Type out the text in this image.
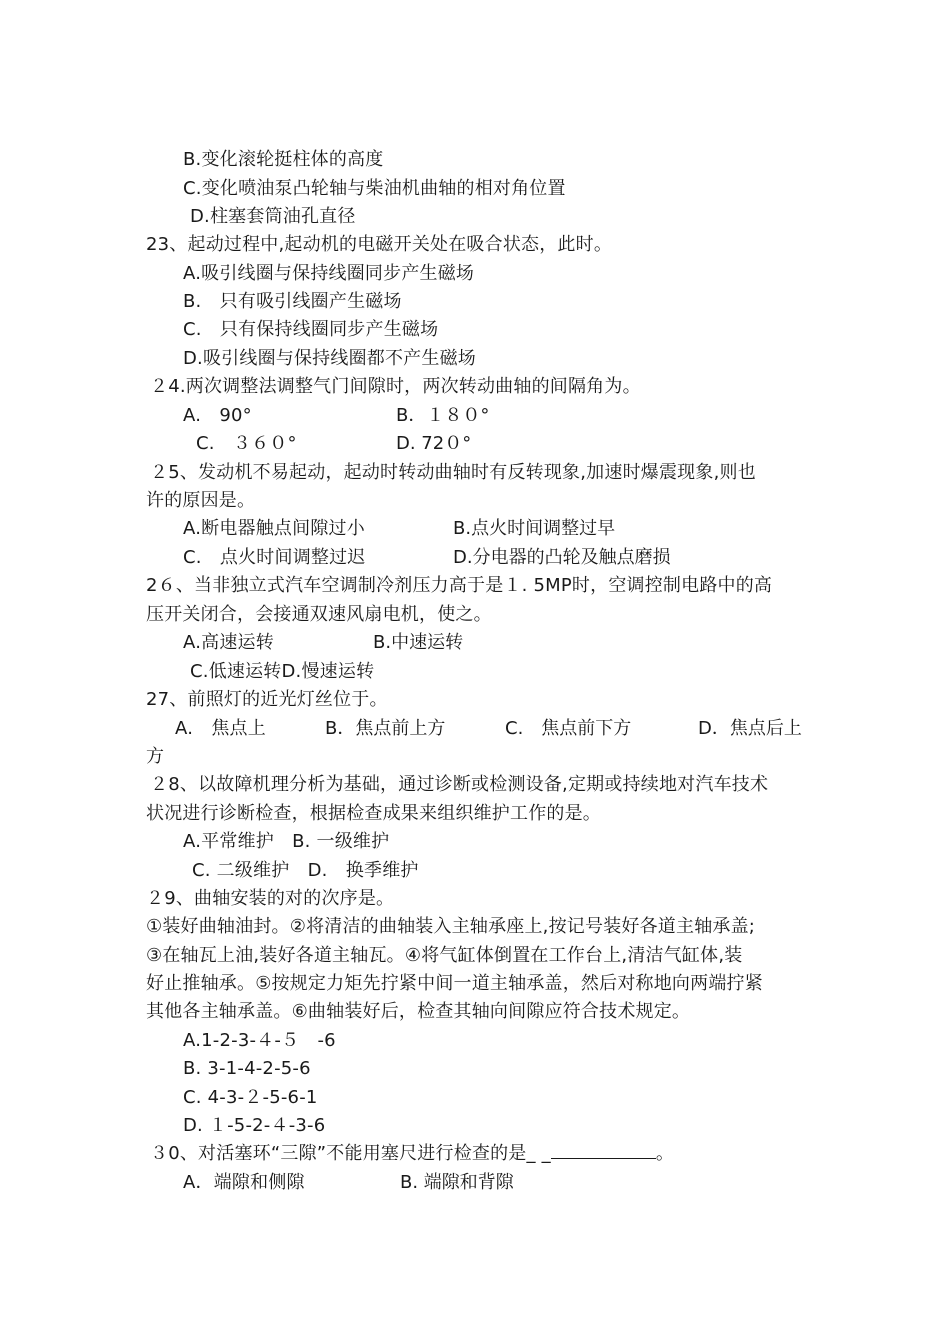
B.变化滚轮挺柱体的高度
C.变化喷油泵凸轮轴与柴油机曲轴的相对角位置
D.柱塞套筒油孔直径
23、起动过程中,起动机的电磁开关处在吸合状态，此时。
A.吸引线圈与保持线圈同步产生磁场
B.　只有吸引线圈产生磁场
C.　只有保持线圈同步产生磁场
D.吸引线圈与保持线圈都不产生磁场
２4.两次调整法调整气门间隙时，两次转动曲轴的间隔角为。
A.　90°	B．１８０°
C.　３６０°	D. 72０°
２5、发动机不易起动，起动时转动曲轴时有反转现象,加速时爆震现象,则也
许的原因是。
A.断电器触点间隙过小	B.点火时间调整过早
C.　点火时间调整过迟	D.分电器的凸轮及触点磨损
2６、当非独立式汽车空调制冷剂压力高于是１. 5MP时，空调控制电路中的高
压开关闭合，会接通双速风扇电机，使之。
A.高速运转	B.中速运转
C.低速运转D.慢速运转
27、前照灯的近光灯丝位于。
A.　焦点上	B．焦点前上方	C.　焦点前下方	D．焦点后上
方
２8、以故障机理分析为基础，通过诊断或检测设备,定期或持续地对汽车技术
状况进行诊断检查，根据检查成果来组织维护工作的是。
A.平常维护　B. 一级维护
C. 二级维护　D.　换季维护
２9、曲轴安装的对的次序是。
①装好曲轴油封。②将清洁的曲轴装入主轴承座上,按记号装好各道主轴承盖;
③在轴瓦上油,装好各道主轴瓦。④将气缸体倒置在工作台上,清洁气缸体,装
好止推轴承。⑤按规定力矩先拧紧中间一道主轴承盖，然后对称地向两端拧紧
其他各主轴承盖。⑥曲轴装好后，检查其轴向间隙应符合技术规定。
A.1-2-3-４-５　-6
B. 3-1-4-2-5-6
C. 4-3-２-5-6-1
D. １-5-2-４-3-6
３0、对活塞环“三隙”不能用塞尺进行检查的是_ _	。
A．端隙和侧隙	B. 端隙和背隙
